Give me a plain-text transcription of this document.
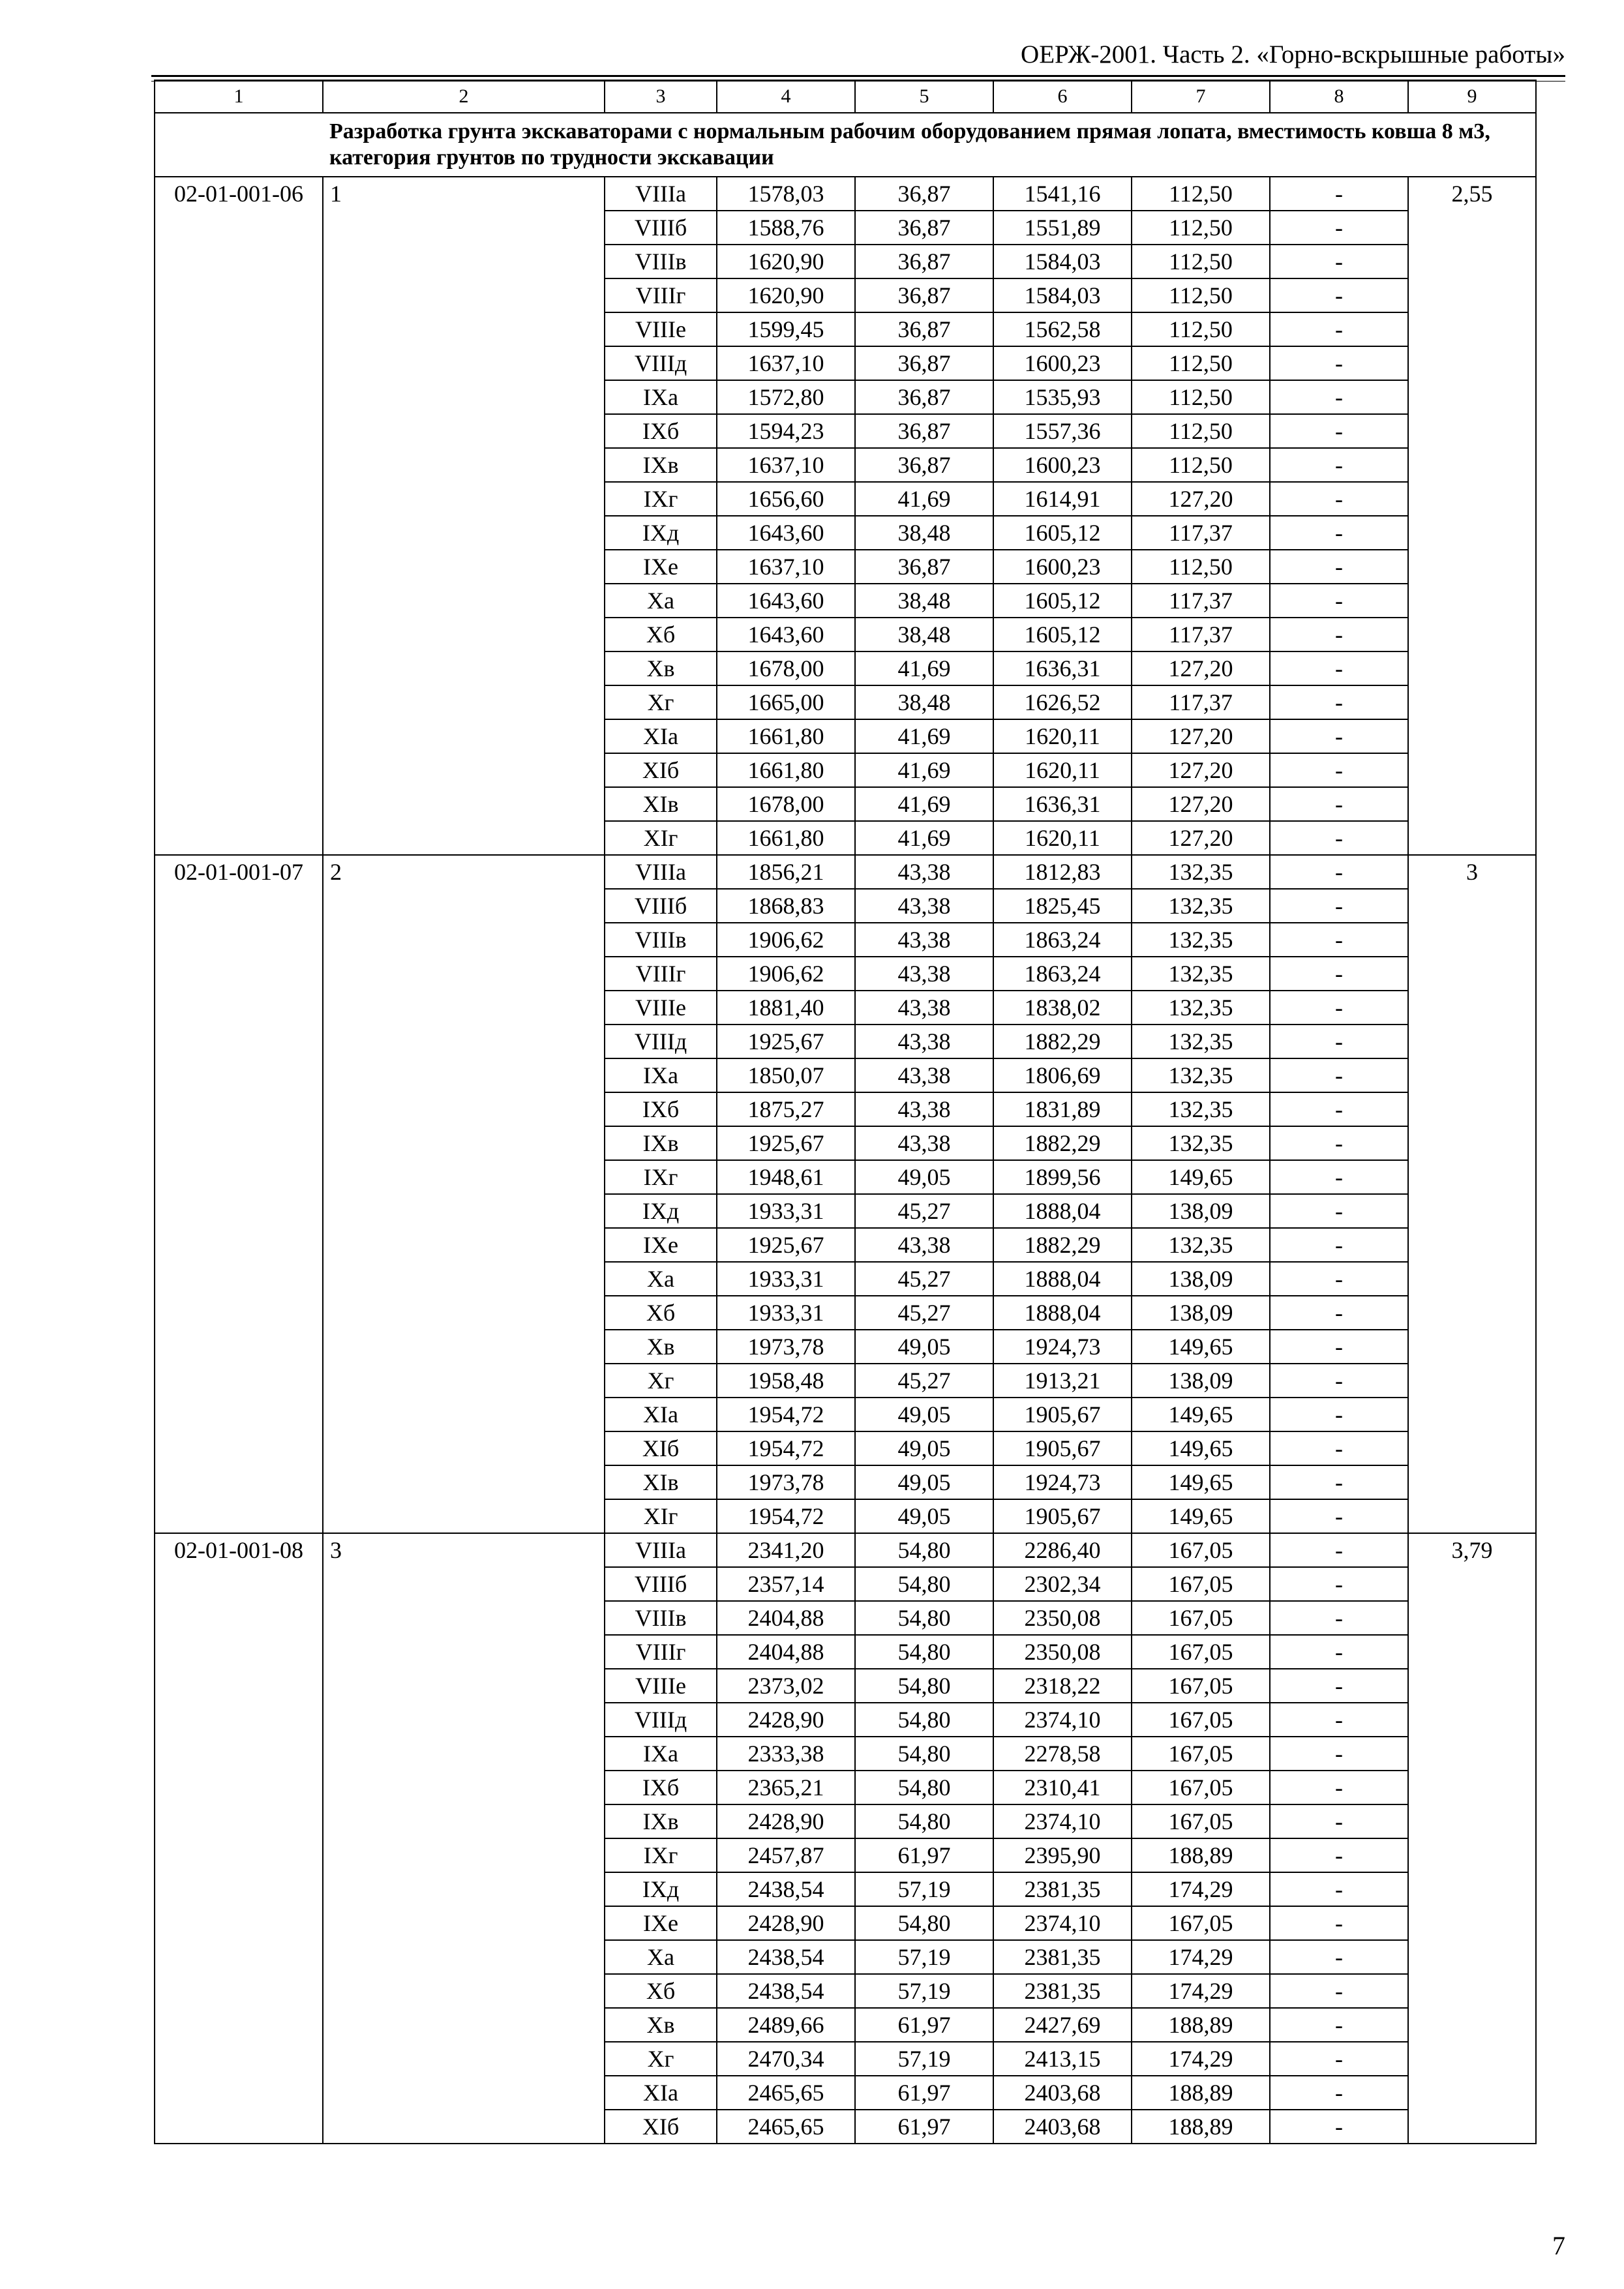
ОЕРЖ-2001. Часть 2. «Горно-вскрышные работы»
1	2	3	4	5	6	7	8	9
	Разработка грунта экскаваторами с нормальным рабочим оборудованием прямая лопата, вместимость ковша 8 м3, категория грунтов по трудности экскавации							
02-01-001-06	1	VIIIа	1578,03	36,87	1541,16	112,50	-	2,55
		VIIIб	1588,76	36,87	1551,89	112,50	-	
		VIIIв	1620,90	36,87	1584,03	112,50	-	
		VIIIг	1620,90	36,87	1584,03	112,50	-	
		VIIIе	1599,45	36,87	1562,58	112,50	-	
		VIIIд	1637,10	36,87	1600,23	112,50	-	
		IXа	1572,80	36,87	1535,93	112,50	-	
		IXб	1594,23	36,87	1557,36	112,50	-	
		IXв	1637,10	36,87	1600,23	112,50	-	
		IXг	1656,60	41,69	1614,91	127,20	-	
		IXд	1643,60	38,48	1605,12	117,37	-	
		IXе	1637,10	36,87	1600,23	112,50	-	
		Xа	1643,60	38,48	1605,12	117,37	-	
		Xб	1643,60	38,48	1605,12	117,37	-	
		Xв	1678,00	41,69	1636,31	127,20	-	
		Xг	1665,00	38,48	1626,52	117,37	-	
		XIа	1661,80	41,69	1620,11	127,20	-	
		XIб	1661,80	41,69	1620,11	127,20	-	
		XIв	1678,00	41,69	1636,31	127,20	-	
		XIг	1661,80	41,69	1620,11	127,20	-	
02-01-001-07	2	VIIIа	1856,21	43,38	1812,83	132,35	-	3
		VIIIб	1868,83	43,38	1825,45	132,35	-	
		VIIIв	1906,62	43,38	1863,24	132,35	-	
		VIIIг	1906,62	43,38	1863,24	132,35	-	
		VIIIе	1881,40	43,38	1838,02	132,35	-	
		VIIIд	1925,67	43,38	1882,29	132,35	-	
		IXа	1850,07	43,38	1806,69	132,35	-	
		IXб	1875,27	43,38	1831,89	132,35	-	
		IXв	1925,67	43,38	1882,29	132,35	-	
		IXг	1948,61	49,05	1899,56	149,65	-	
		IXд	1933,31	45,27	1888,04	138,09	-	
		IXе	1925,67	43,38	1882,29	132,35	-	
		Xа	1933,31	45,27	1888,04	138,09	-	
		Xб	1933,31	45,27	1888,04	138,09	-	
		Xв	1973,78	49,05	1924,73	149,65	-	
		Xг	1958,48	45,27	1913,21	138,09	-	
		XIа	1954,72	49,05	1905,67	149,65	-	
		XIб	1954,72	49,05	1905,67	149,65	-	
		XIв	1973,78	49,05	1924,73	149,65	-	
		XIг	1954,72	49,05	1905,67	149,65	-	
02-01-001-08	3	VIIIа	2341,20	54,80	2286,40	167,05	-	3,79
		VIIIб	2357,14	54,80	2302,34	167,05	-	
		VIIIв	2404,88	54,80	2350,08	167,05	-	
		VIIIг	2404,88	54,80	2350,08	167,05	-	
		VIIIе	2373,02	54,80	2318,22	167,05	-	
		VIIIд	2428,90	54,80	2374,10	167,05	-	
		IXа	2333,38	54,80	2278,58	167,05	-	
		IXб	2365,21	54,80	2310,41	167,05	-	
		IXв	2428,90	54,80	2374,10	167,05	-	
		IXг	2457,87	61,97	2395,90	188,89	-	
		IXд	2438,54	57,19	2381,35	174,29	-	
		IXе	2428,90	54,80	2374,10	167,05	-	
		Xа	2438,54	57,19	2381,35	174,29	-	
		Xб	2438,54	57,19	2381,35	174,29	-	
		Xв	2489,66	61,97	2427,69	188,89	-	
		Xг	2470,34	57,19	2413,15	174,29	-	
		XIа	2465,65	61,97	2403,68	188,89	-	
		XIб	2465,65	61,97	2403,68	188,89	-	
7
